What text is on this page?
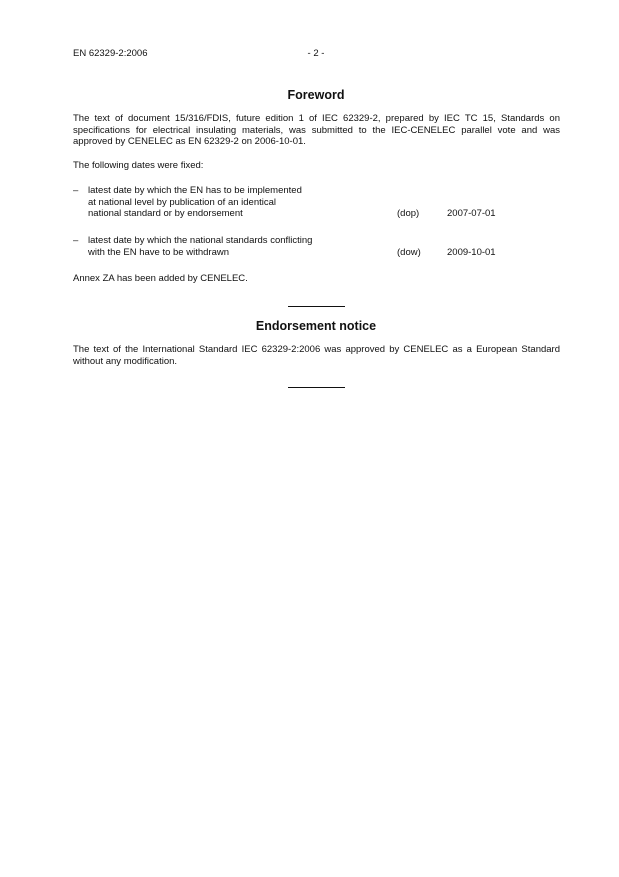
EN 62329-2:2006	- 2 -
Foreword

The text of document 15/316/FDIS, future edition 1 of IEC 62329-2, prepared by IEC TC 15, Standards on specifications for electrical insulating materials, was submitted to the IEC-CENELEC parallel vote and was approved by CENELEC as EN 62329-2 on 2006-10-01.

The following dates were fixed:

– latest date by which the EN has to be implemented
at national level by publication of an identical
national standard or by endorsement	(dop)	2007-07-01
– latest date by which the national standards conflicting
with the EN have to be withdrawn	(dow)	2009-10-01

Annex ZA has been added by CENELEC.

Endorsement notice

The text of the International Standard IEC 62329-2:2006 was approved by CENELEC as a European Standard without any modification.
